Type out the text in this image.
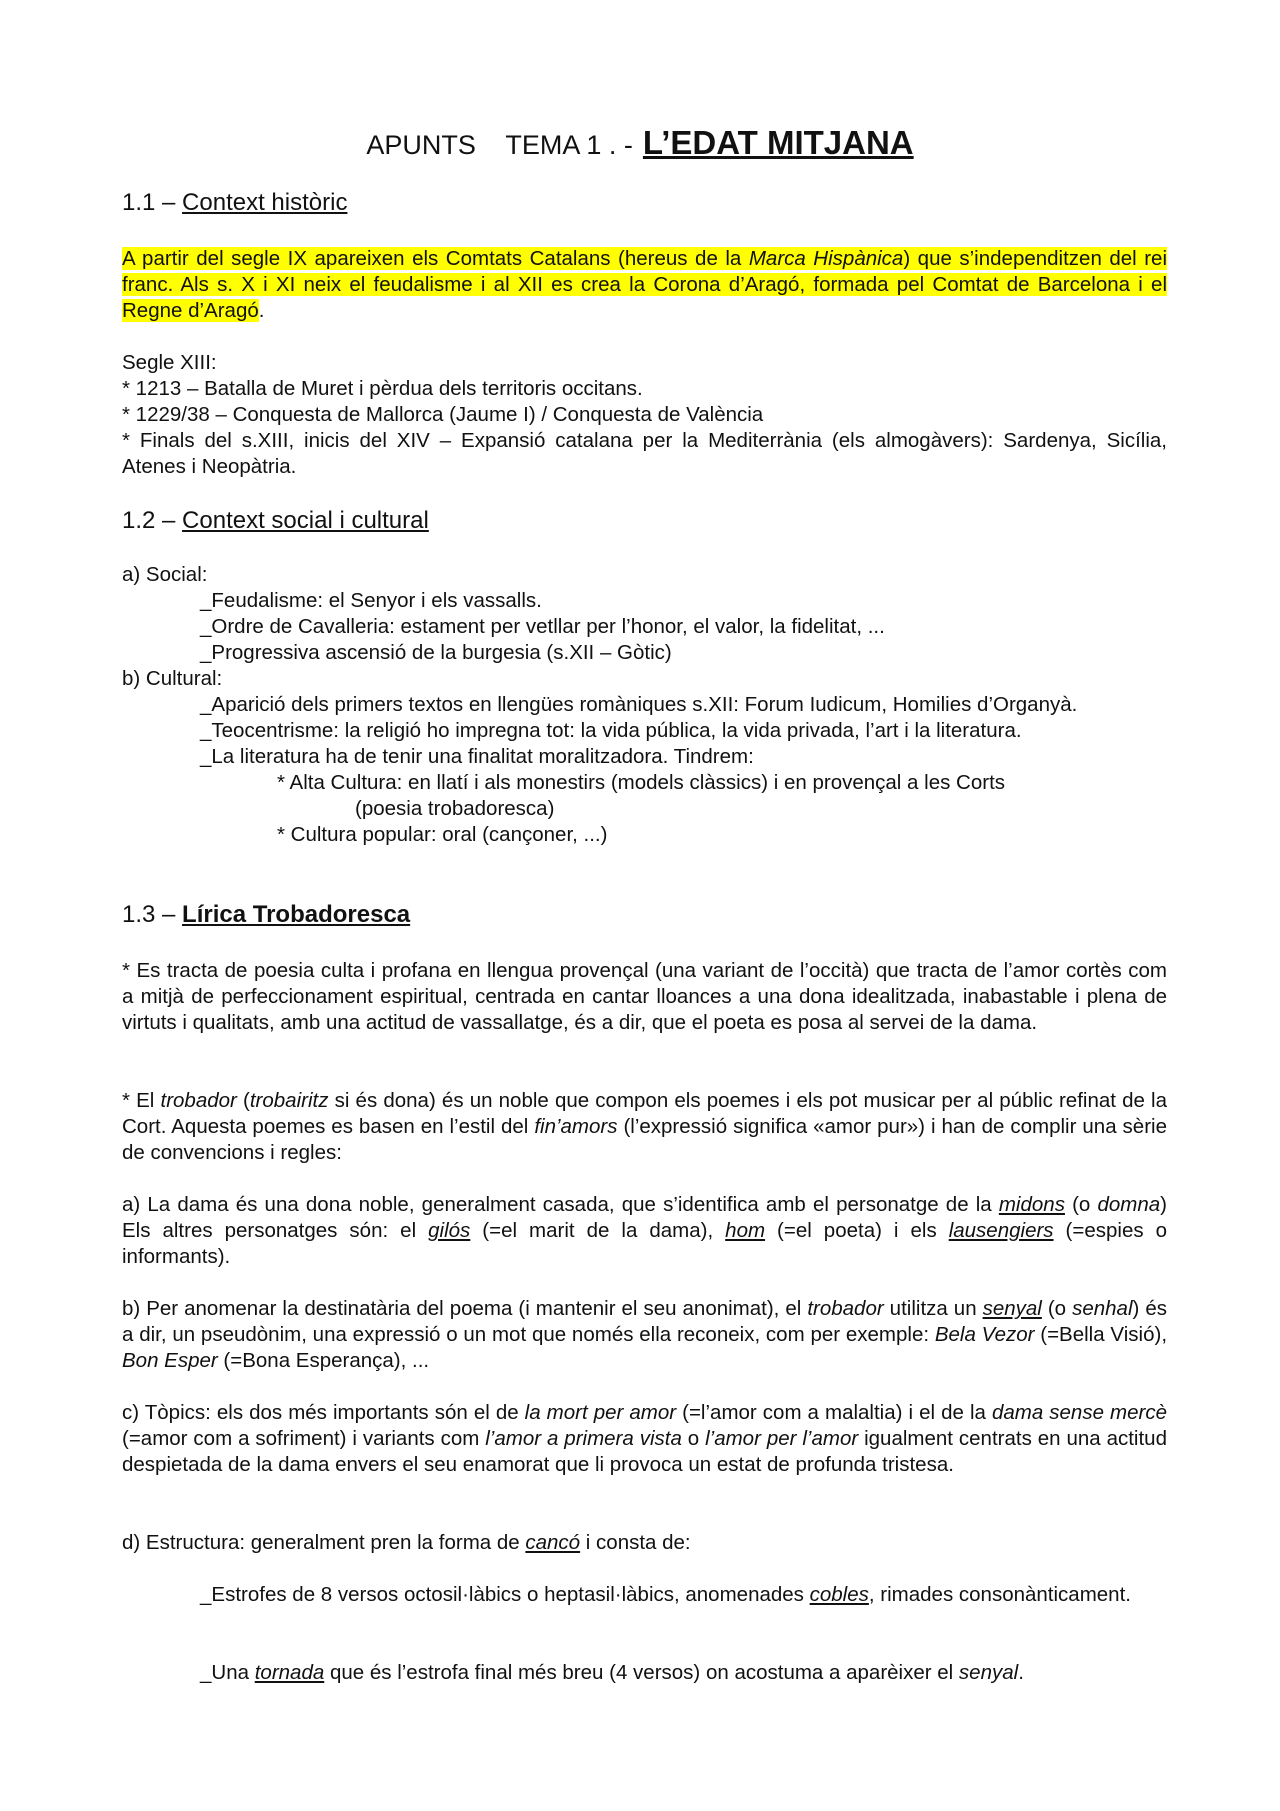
APUNTS    TEMA 1 . - L’EDAT MITJANA
1.1 – Context històric

A partir del segle IX apareixen els Comtats Catalans (hereus de la Marca Hispànica) que s’independitzen del rei franc. Als s. X i XI neix el feudalisme i al XII es crea la Corona d’Aragó, formada pel Comtat de Barcelona i el Regne d’Aragó.

Segle XIII:
* 1213 – Batalla de Muret i pèrdua dels territoris occitans.
* 1229/38 – Conquesta de Mallorca (Jaume I) / Conquesta de València
* Finals del s.XIII, inicis del XIV – Expansió catalana per la Mediterrània (els almogàvers): Sardenya, Sicília, Atenes i Neopàtria.
1.2 – Context social i cultural
a) Social:
_Feudalisme: el Senyor i els vassalls.
_Ordre de Cavalleria: estament per vetllar per l’honor, el valor, la fidelitat, ...
_Progressiva ascensió de la burgesia (s.XII – Gòtic)
b) Cultural:
_Aparició dels primers textos en llengües romàniques s.XII: Forum Iudicum, Homilies d’Organyà.
_Teocentrisme: la religió ho impregna tot: la vida pública, la vida privada, l’art i la literatura.
_La literatura ha de tenir una finalitat moralitzadora. Tindrem:
* Alta Cultura: en llatí i als monestirs (models clàssics) i en provençal a les Corts
(poesia trobadoresca)
* Cultura popular: oral (cançoner, ...)
1.3 – Lírica Trobadoresca

* Es tracta de poesia culta i profana en llengua provençal (una variant de l’occità) que tracta de l’amor cortès com a mitjà de perfeccionament espiritual, centrada en cantar lloances a una dona idealitzada, inabastable i plena de virtuts i qualitats, amb una actitud de vassallatge, és a dir, que el poeta es posa al servei de la dama.

* El trobador (trobairitz si és dona) és un noble que compon els poemes i els pot musicar per al públic refinat de la Cort. Aquesta poemes es basen en l’estil del fin’amors (l’expressió significa «amor pur») i han de complir una sèrie de convencions i regles:

a) La dama és una dona noble, generalment casada, que s’identifica amb el personatge de la midons (o domna) Els altres personatges són: el gilós (=el marit de la dama), hom (=el poeta) i els lausengiers (=espies o informants).

b) Per anomenar la destinatària del poema (i mantenir el seu anonimat), el trobador utilitza un senyal (o senhal) és a dir, un pseudònim, una expressió o un mot que només ella reconeix, com per exemple: Bela Vezor (=Bella Visió), Bon Esper (=Bona Esperança), ...

c) Tòpics: els dos més importants són el de la mort per amor (=l’amor com a malaltia) i el de la dama sense mercè (=amor com a sofriment) i variants com l’amor a primera vista o l’amor per l’amor igualment centrats en una actitud despietada de la dama envers el seu enamorat que li provoca un estat de profunda tristesa.

d) Estructura: generalment pren la forma de cancó i consta de:

_Estrofes de 8 versos octosil·làbics o heptasil·làbics, anomenades cobles, rimades consonànticament.

_Una tornada que és l’estrofa final més breu (4 versos) on acostuma a aparèixer el senyal.
